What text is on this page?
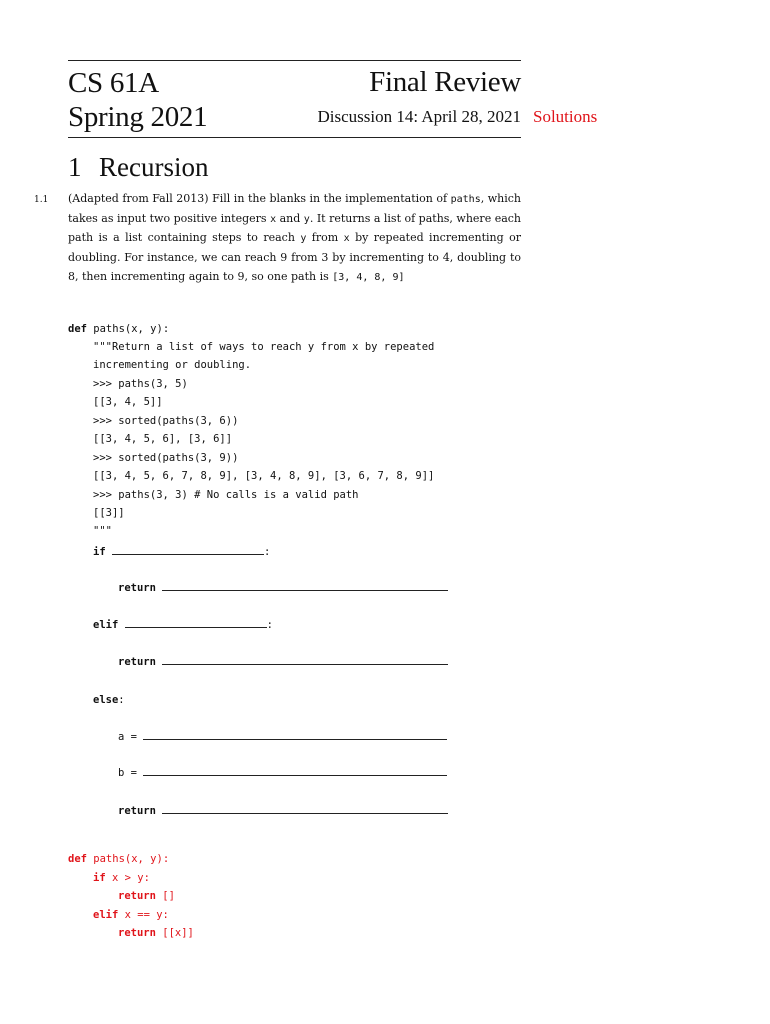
CS 61A
Spring 2021
Final Review
Discussion 14: April 28, 2021 Solutions
1 Recursion
1.1 (Adapted from Fall 2013) Fill in the blanks in the implementation of paths, which takes as input two positive integers x and y. It returns a list of paths, where each path is a list containing steps to reach y from x by repeated incrementing or doubling. For instance, we can reach 9 from 3 by incrementing to 4, doubling to 8, then incrementing again to 9, so one path is [3, 4, 8, 9]
def paths(x, y):
"""Return a list of ways to reach y from x by repeated
incrementing or doubling.
>>> paths(3, 5)
[[3, 4, 5]]
>>> sorted(paths(3, 6))
[[3, 4, 5, 6], [3, 6]]
>>> sorted(paths(3, 9))
[[3, 4, 5, 6, 7, 8, 9], [3, 4, 8, 9], [3, 6, 7, 8, 9]]
>>> paths(3, 3) # No calls is a valid path
[[3]]
"""
if	:
return
elif	:
return
else:
a =
b =
return
def paths(x, y):
if x > y:
return []
elif x == y:
return [[x]]
